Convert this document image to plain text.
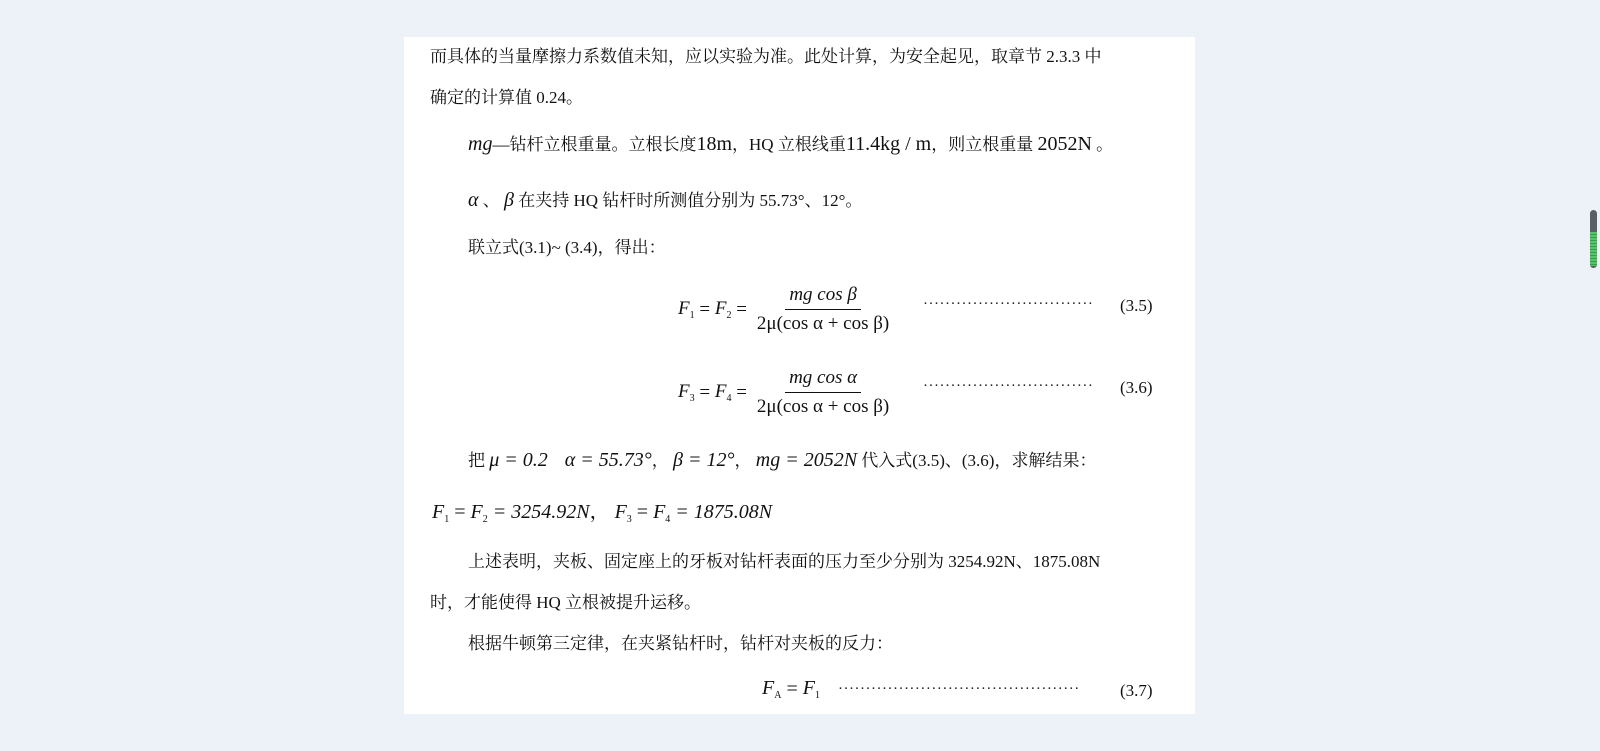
而具体的当量摩擦力系数值未知，应以实验为准。此处计算，为安全起见，取章节 2.3.3 中
确定的计算值 0.24。
mg—钻杆立根重量。立根长度18m，HQ 立根线重11.4kg / m，则立根重量 2052N 。
α 、 β 在夹持 HQ 钻杆时所测值分别为 55.73°、12°。
联立式(3.1)~ (3.4)，得出：
$F_1 = F_2 = \frac{\text{mg cos β}}{\text{2μ(cos α + cos β)}}$ ······························· (3.5)
$F_3 = F_4 = \frac{\text{mg cos α}}{\text{2μ(cos α + cos β)}}$ ······························· (3.6)
把 μ = 0.2 α = 55.73°， β = 12°， mg = 2052N 代入式(3.5)、(3.6)，求解结果：
$F_1 = F_2 = 3254.92N$， $F_3 = F_4 = 1875.08N$
上述表明，夹板、固定座上的牙板对钻杆表面的压力至少分别为 3254.92N、1875.08N
时，才能使得 HQ 立根被提升运移。
根据牛顿第三定律，在夹紧钻杆时，钻杆对夹板的反力：
$F_A = F_1$ ············································ (3.7)
